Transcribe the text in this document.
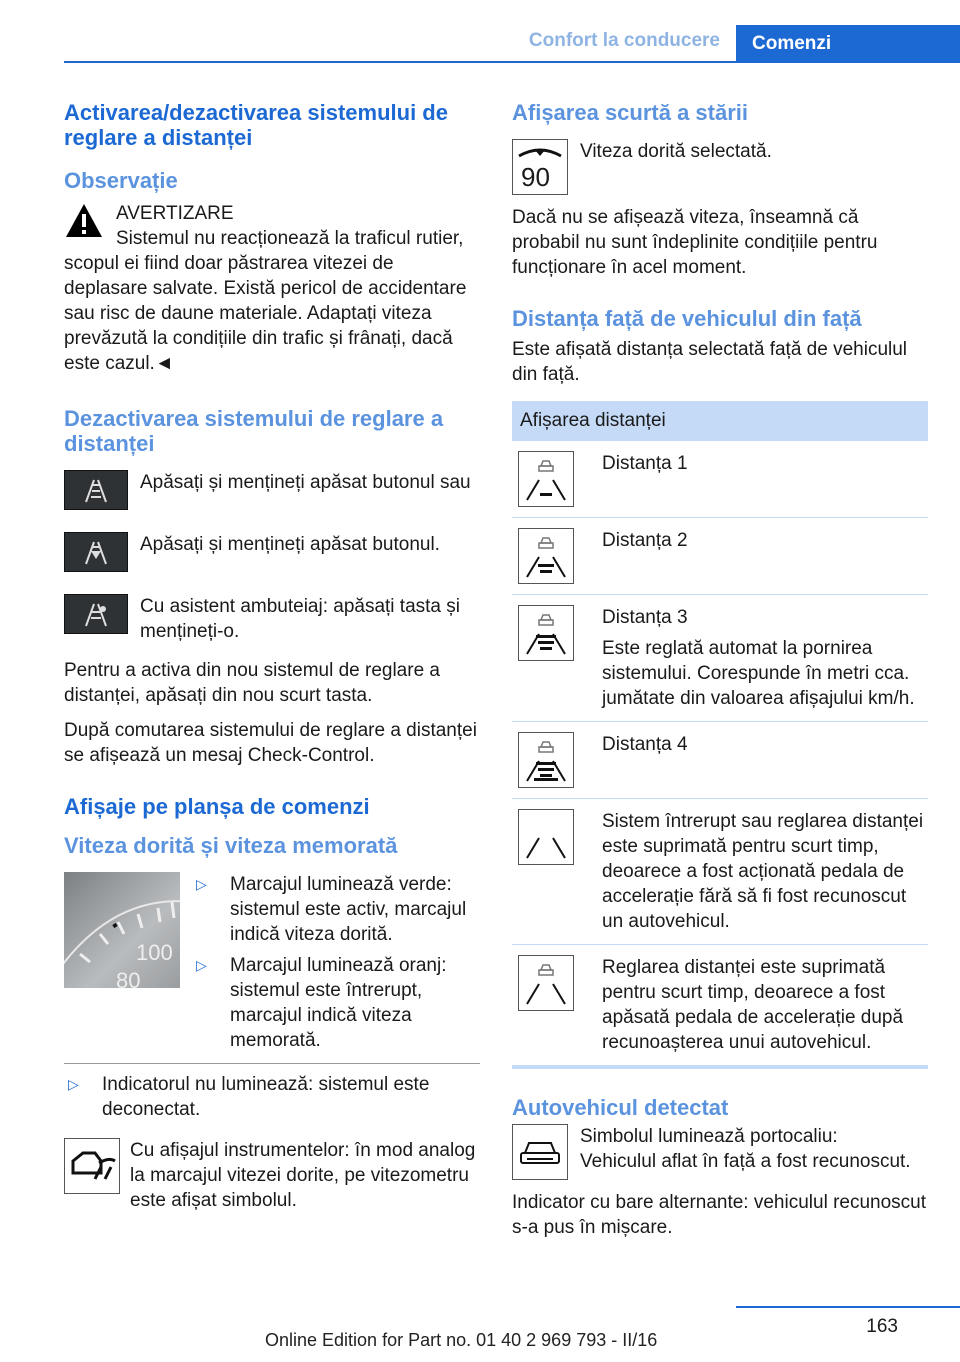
Confort la conducere	Comenzi
Activarea/dezactivarea sistemului de reglare a distanței
Observație
AVERTIZARE
Sistemul nu reacționează la traficul rutier,

scopul ei fiind doar păstrarea vitezei de deplasare salvate. Există pericol de accidentare sau risc de daune materiale. Adaptați viteza prevăzută la condițiile din trafic și frânați, dacă este cazul.◄

Dezactivarea sistemului de reglare a distanței
Apăsați și mențineți apăsat butonul sau
Apăsați și mențineți apăsat butonul.
Cu asistent ambuteiaj: apăsați tasta și mențineți-o.

Pentru a activa din nou sistemul de reglare a distanței, apăsați din nou scurt tasta.

După comutarea sistemului de reglare a distanței se afișează un mesaj Check-Control.

Afișaje pe planșa de comenzi
Viteza dorită și viteza memorată
100
80
▷	Marcajul luminează verde: sistemul este activ, marcajul indică viteza dorită.
▷	Marcajul luminează oranj: sistemul este întrerupt, marcajul indică viteza memorată.
▷	Indicatorul nu luminează: sistemul este deconectat.
Cu afișajul instrumentelor: în mod analog la marcajul vitezei dorite, pe vitezometru este afișat simbolul.
Afișarea scurtă a stării
90
Viteza dorită selectată.

Dacă nu se afișează viteza, înseamnă că probabil nu sunt îndeplinite condițiile pentru funcționare în acel moment.

Distanța față de vehiculul din față

Este afișată distanța selectată față de vehiculul din față.

Afișarea distanței
Distanța 1
Distanța 2
Distanța 3
Este reglată automat la pornirea sistemului. Corespunde în metri cca. jumătate din valoarea afișajului km/h.
Distanța 4
Sistem întrerupt sau reglarea distanței este suprimată pentru scurt timp, deoarece a fost acționată pedala de accelerație fără să fi fost recunoscut un autovehicul.
Reglarea distanței este suprimată pentru scurt timp, deoarece a fost apăsată pedala de accelerație după recunoașterea unui autovehicul.
Autovehicul detectat
Simbolul luminează portocaliu:
Vehiculul aflat în față a fost recunoscut.

Indicator cu bare alternante: vehiculul recunoscut s-a pus în mișcare.

163
Online Edition for Part no. 01 40 2 969 793 - II/16
